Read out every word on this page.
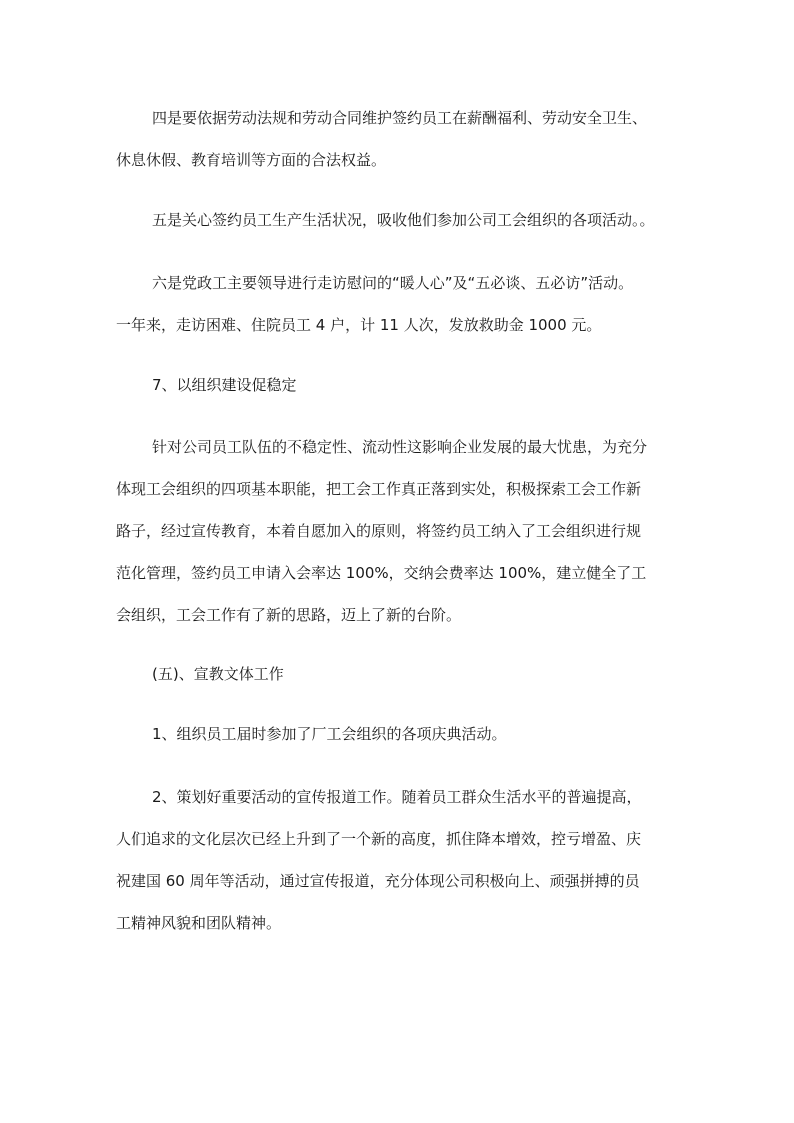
四是要依据劳动法规和劳动合同维护签约员工在薪酬福利、劳动安全卫生、
休息休假、教育培训等方面的合法权益。

五是关心签约员工生产生活状况，吸收他们参加公司工会组织的各项活动。。

六是党政工主要领导进行走访慰问的“暖人心”及“五必谈、五必访”活动。
一年来，走访困难、住院员工 4 户，计 11 人次，发放救助金 1000 元。

7、以组织建设促稳定

针对公司员工队伍的不稳定性、流动性这影响企业发展的最大忧患，为充分
体现工会组织的四项基本职能，把工会工作真正落到实处，积极探索工会工作新
路子，经过宣传教育，本着自愿加入的原则，将签约员工纳入了工会组织进行规
范化管理，签约员工申请入会率达 100%，交纳会费率达 100%，建立健全了工
会组织，工会工作有了新的思路，迈上了新的台阶。

(五)、宣教文体工作

1、组织员工届时参加了厂工会组织的各项庆典活动。

2、策划好重要活动的宣传报道工作。随着员工群众生活水平的普遍提高，
人们追求的文化层次已经上升到了一个新的高度，抓住降本增效，控亏增盈、庆
祝建国 60 周年等活动，通过宣传报道，充分体现公司积极向上、顽强拼搏的员
工精神风貌和团队精神。
